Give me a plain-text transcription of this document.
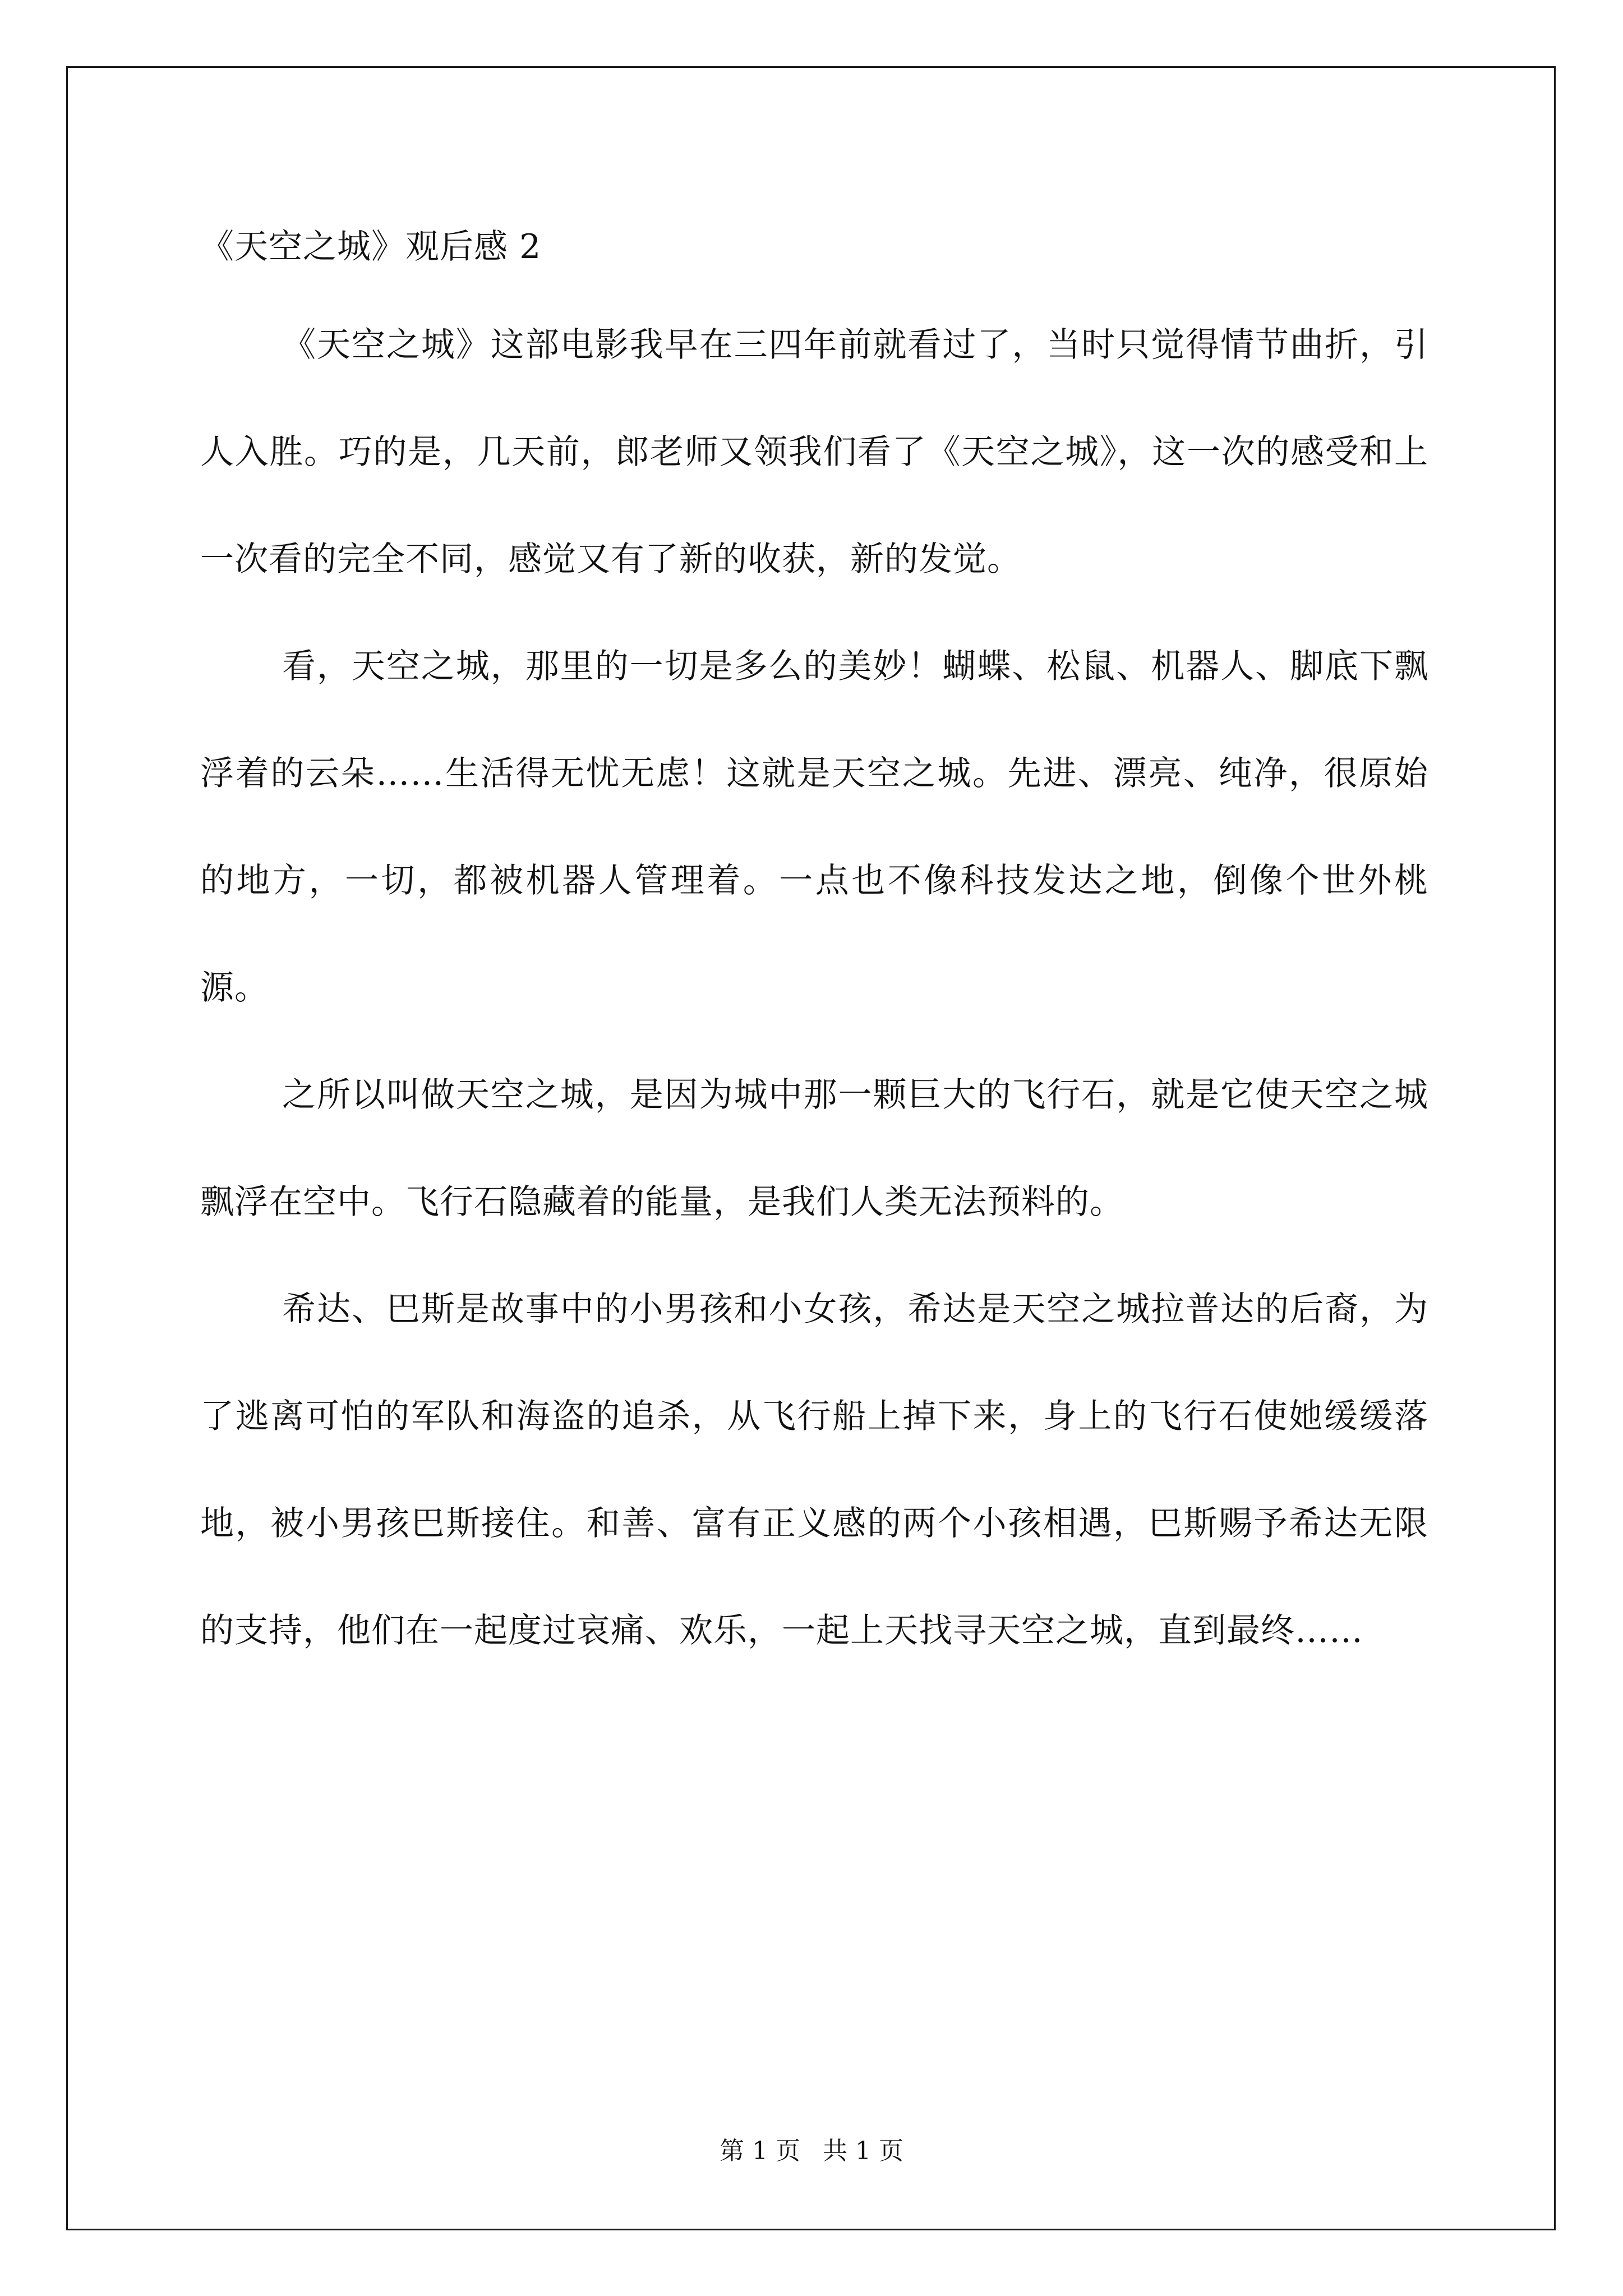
《天空之城》观后感 2

《天空之城》这部电影我早在三四年前就看过了，当时只觉得情节曲折，引人入胜。巧的是，几天前，郎老师又领我们看了《天空之城》，这一次的感受和上一次看的完全不同，感觉又有了新的收获，新的发觉。

看，天空之城，那里的一切是多么的美妙！蝴蝶、松鼠、机器人、脚底下飘浮着的云朵……生活得无忧无虑！这就是天空之城。先进、漂亮、纯净，很原始的地方，一切，都被机器人管理着。一点也不像科技发达之地，倒像个世外桃源。

之所以叫做天空之城，是因为城中那一颗巨大的飞行石，就是它使天空之城飘浮在空中。飞行石隐藏着的能量，是我们人类无法预料的。

希达、巴斯是故事中的小男孩和小女孩，希达是天空之城拉普达的后裔，为了逃离可怕的军队和海盗的追杀，从飞行船上掉下来，身上的飞行石使她缓缓落地，被小男孩巴斯接住。和善、富有正义感的两个小孩相遇，巴斯赐予希达无限的支持，他们在一起度过哀痛、欢乐，一起上天找寻天空之城，直到最终……

第 1 页 共 1 页
